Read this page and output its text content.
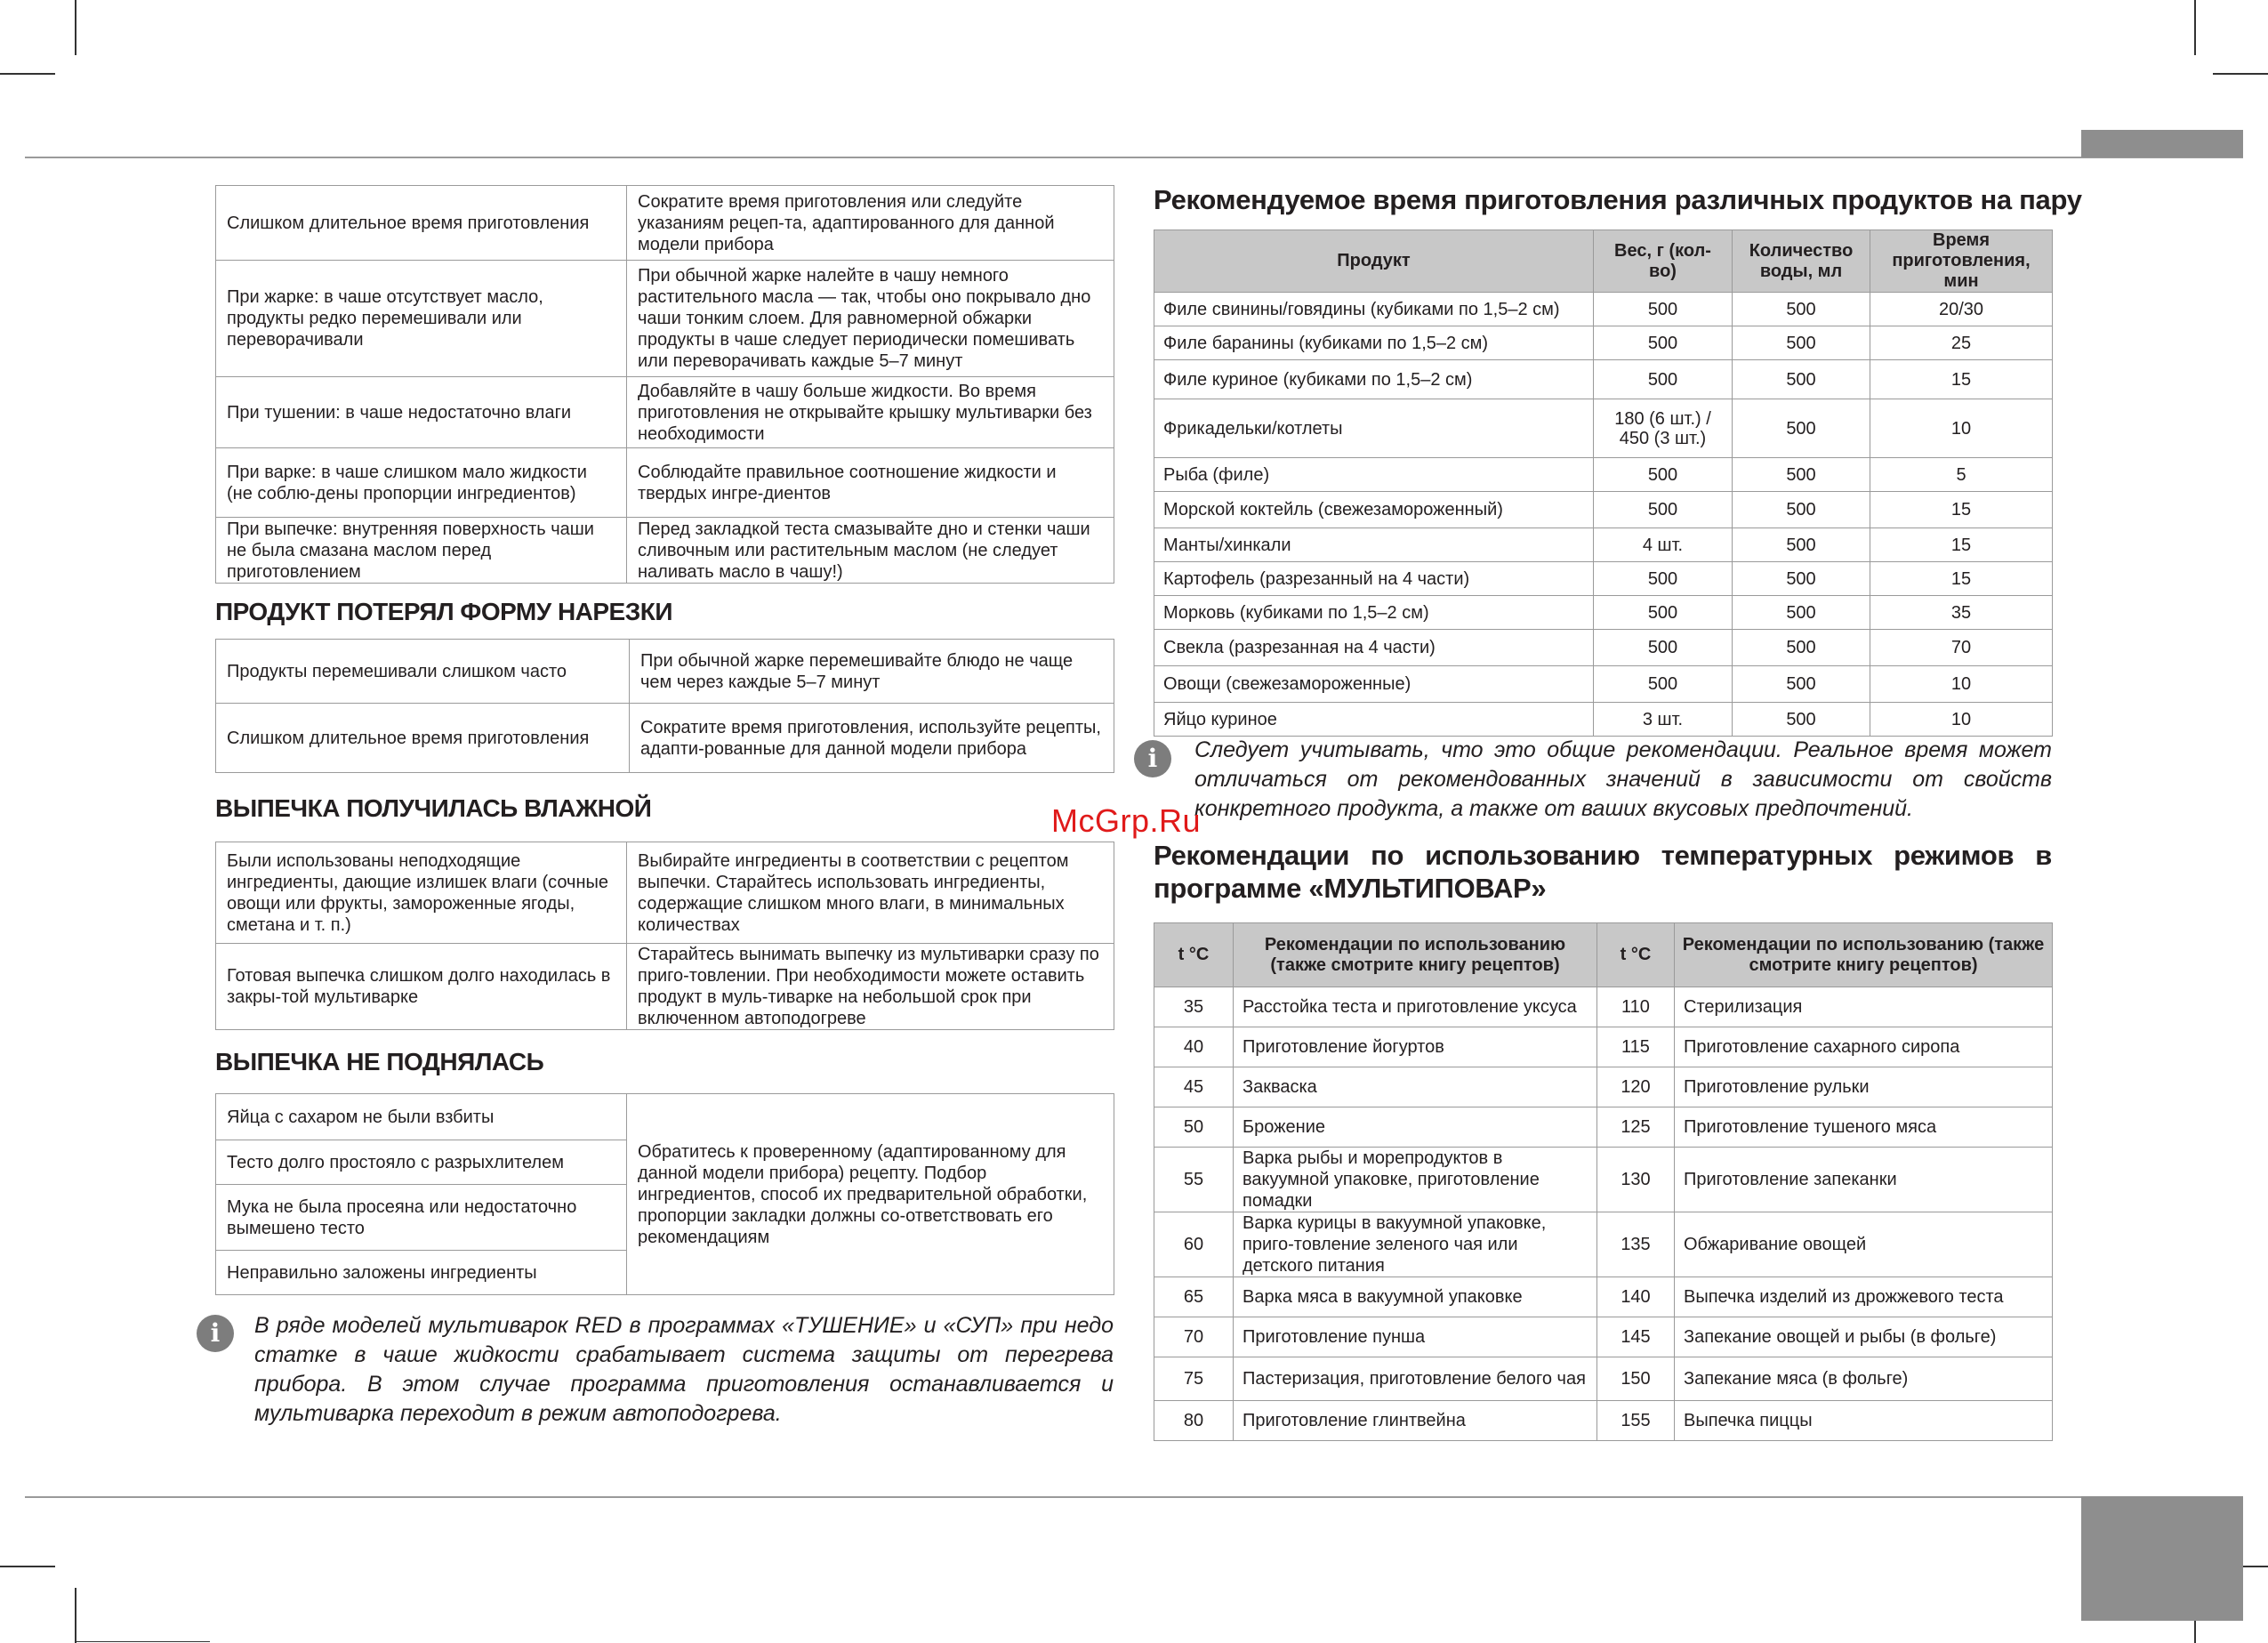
Слишком длительное время приготовления	Сократите время приготовления или следуйте указаниям рецеп-та, адаптированного для данной модели прибора
При жарке: в чаше отсутствует масло, продукты редко перемешивали или переворачивали	При обычной жарке налейте в чашу немного растительного масла — так, чтобы оно покрывало дно чаши тонким слоем. Для равномерной обжарки продукты в чаше следует периодически помешивать или переворачивать каждые 5–7 минут
При тушении: в чаше недостаточно влаги	Добавляйте в чашу больше жидкости. Во время приготовления не открывайте крышку мультиварки без необходимости
При варке: в чаше слишком мало жидкости (не соблю-дены пропорции ингредиентов)	Соблюдайте правильное соотношение жидкости и твердых ингре-диентов
При выпечке: внутренняя поверхность чаши не была смазана маслом перед приготовлением	Перед закладкой теста смазывайте дно и стенки чаши сливочным или растительным маслом (не следует наливать масло в чашу!)
ПРОДУКТ ПОТЕРЯЛ ФОРМУ НАРЕЗКИ
Продукты перемешивали слишком часто	При обычной жарке перемешивайте блюдо не чаще чем через каждые 5–7 минут
Слишком длительное время приготовления	Сократите время приготовления, используйте рецепты, адапти-рованные для данной модели прибора
ВЫПЕЧКА ПОЛУЧИЛАСЬ ВЛАЖНОЙ
Были использованы неподходящие ингредиенты, дающие излишек влаги (сочные овощи или фрукты, замороженные ягоды, сметана и т. п.)	Выбирайте ингредиенты в соответствии с рецептом выпечки. Старайтесь использовать ингредиенты, содержащие слишком много влаги, в минимальных количествах
Готовая выпечка слишком долго находилась в закры-той мультиварке	Старайтесь вынимать выпечку из мультиварки сразу по приго-товлении. При необходимости можете оставить продукт в муль-тиварке на небольшой срок при включенном автоподогреве
ВЫПЕЧКА НЕ ПОДНЯЛАСЬ
Яйца с сахаром не были взбиты	Обратитесь к проверенному (адаптированному для данной модели прибора) рецепту. Подбор ингредиентов, способ их предварительной обработки, пропорции закладки должны со-ответствовать его рекомендациям
Тесто долго простояло с разрыхлителем
Мука не была просеяна или недостаточно вымешено тесто
Неправильно заложены ингредиенты
i	В ряде моделей мультиварок RED в программах «ТУШЕНИЕ» и «СУП» при недо статке в чаше жидкости срабатывает система защиты от перегрева прибора. В этом случае программа приготовления останавливается и мультиварка переходит в режим автоподогрева.
Рекомендуемое время приготовления различных продуктов на пару
Продукт	Вес, г (кол-во)	Количество воды, мл	Время приготовления, мин
Филе свинины/говядины (кубиками по 1,5–2 см)	500	500	20/30
Филе баранины (кубиками по 1,5–2 см)	500	500	25
Филе куриное (кубиками по 1,5–2 см)	500	500	15
Фрикадельки/котлеты	180 (6 шт.) / 450 (3 шт.)	500	10
Рыба (филе)	500	500	5
Морской коктейль (свежезамороженный)	500	500	15
Манты/хинкали	4 шт.	500	15
Картофель (разрезанный на 4 части)	500	500	15
Морковь (кубиками по 1,5–2 см)	500	500	35
Свекла (разрезанная на 4 части)	500	500	70
Овощи (свежезамороженные)	500	500	10
Яйцо куриное	3 шт.	500	10
i	Следует учитывать, что это общие рекомендации. Реальное время может отличаться от рекомендованных значений в зависимости от свойств конкретного продукта, а также от ваших вкусовых предпочтений.
McGrp.Ru
Рекомендации по использованию температурных режимов в программе «МУЛЬТИПОВАР»
t °C	Рекомендации по использованию (также смотрите книгу рецептов)	t °C	Рекомендации по использованию (также смотрите книгу рецептов)
35	Расстойка теста и приготовление уксуса	110	Стерилизация
40	Приготовление йогуртов	115	Приготовление сахарного сиропа
45	Закваска	120	Приготовление рульки
50	Брожение	125	Приготовление тушеного мяса
55	Варка рыбы и морепродуктов в вакуумной упаковке, приготовление помадки	130	Приготовление запеканки
60	Варка курицы в вакуумной упаковке, приго-товление зеленого чая или детского питания	135	Обжаривание овощей
65	Варка мяса в вакуумной упаковке	140	Выпечка изделий из дрожжевого теста
70	Приготовление пунша	145	Запекание овощей и рыбы (в фольге)
75	Пастеризация, приготовление белого чая	150	Запекание мяса (в фольге)
80	Приготовление глинтвейна	155	Выпечка пиццы
